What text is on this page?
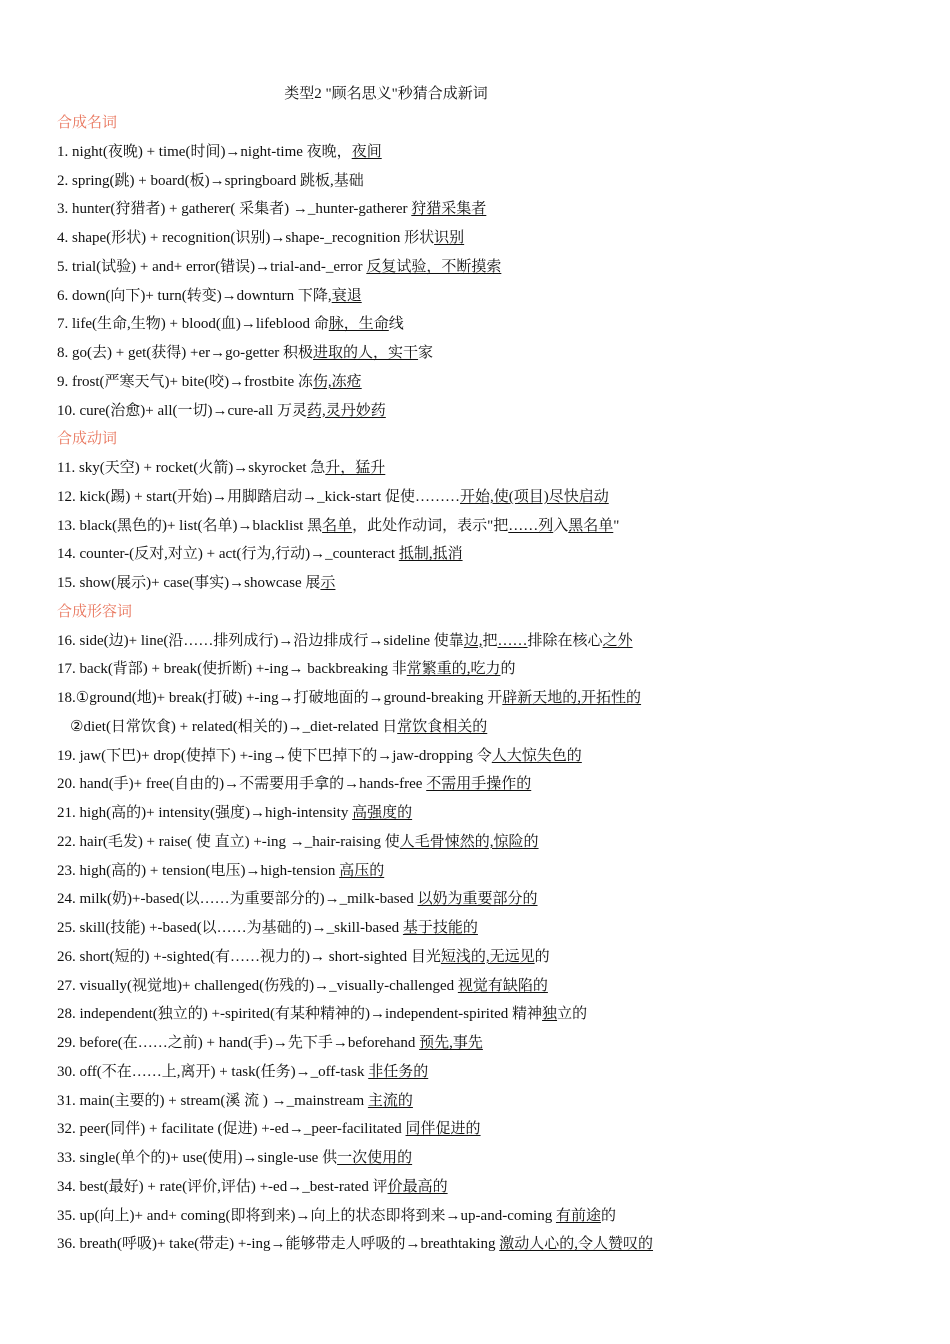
类型2 "顾名思义"秒猜合成新词
合成名词
1. night(夜晚) + time(时间)→night-time 夜晚，夜间
2. spring(跳) + board(板)→springboard 跳板,基础
3. hunter(狩猎者) + gatherer( 采集者) →_hunter-gatherer 狩猎采集者
4. shape(形状) + recognition(识别)→shape-_recognition 形状识别
5. trial(试验) + and+ error(错误)→trial-and-_error 反复试验，不断摸索
6. down(向下)+ turn(转变)→downturn 下降,衰退
7. life(生命,生物) + blood(血)→lifeblood 命脉，生命线
8. go(去) + get(获得) +er→go-getter 积极进取的人，实干家
9. frost(严寒天气)+ bite(咬)→frostbite 冻伤,冻疮
10. cure(治愈)+ all(一切)→cure-all 万灵药,灵丹妙药
合成动词
11. sky(天空) + rocket(火箭)→skyrocket 急升，猛升
12. kick(踢) + start(开始)→用脚踏启动→_kick-start 促使………开始,使(项目)尽快启动
13. black(黑色的)+ list(名单)→blacklist 黑名单，此处作动词，表示"把……列入黑名单"
14. counter-(反对,对立) + act(行为,行动)→_counteract 抵制,抵消
15. show(展示)+ case(事实)→showcase 展示
合成形容词
16. side(边)+ line(沿……排列成行)→沿边排成行→sideline 使靠边,把……排除在核心之外
17. back(背部) + break(使折断) +-ing→ backbreaking 非常繁重的,吃力的
18.①ground(地)+ break(打破) +-ing→打破地面的→ground-breaking 开辟新天地的,开拓性的
②diet(日常饮食) + related(相关的)→_diet-related 日常饮食相关的
19. jaw(下巴)+ drop(使掉下) +-ing→使下巴掉下的→jaw-dropping 令人大惊失色的
20. hand(手)+ free(自由的)→不需要用手拿的→hands-free 不需用手操作的
21. high(高的)+ intensity(强度)→high-intensity 高强度的
22. hair(毛发) + raise( 使 直立) +-ing →_hair-raising 使人毛骨悚然的,惊险的
23. high(高的) + tension(电压)→high-tension 高压的
24. milk(奶)+-based(以……为重要部分的)→_milk-based 以奶为重要部分的
25. skill(技能) +-based(以……为基础的)→_skill-based 基于技能的
26. short(短的) +-sighted(有……视力的)→ short-sighted 目光短浅的,无远见的
27. visually(视觉地)+ challenged(伤残的)→_visually-challenged 视觉有缺陷的
28. independent(独立的) +-spirited(有某种精神的)→independent-spirited 精神独立的
29. before(在……之前) + hand(手)→先下手→beforehand 预先,事先
30. off(不在……上,离开) + task(任务)→_off-task 非任务的
31. main(主要的) + stream(溪 流 ) →_mainstream 主流的
32. peer(同伴) + facilitate (促进) +-ed→_peer-facilitated 同伴促进的
33. single(单个的)+ use(使用)→single-use 供一次使用的
34. best(最好) + rate(评价,评估) +-ed→_best-rated 评价最高的
35. up(向上)+ and+ coming(即将到来)→向上的状态即将到来→up-and-coming 有前途的
36. breath(呼吸)+ take(带走) +-ing→能够带走人呼吸的→breathtaking 激动人心的,令人赞叹的
